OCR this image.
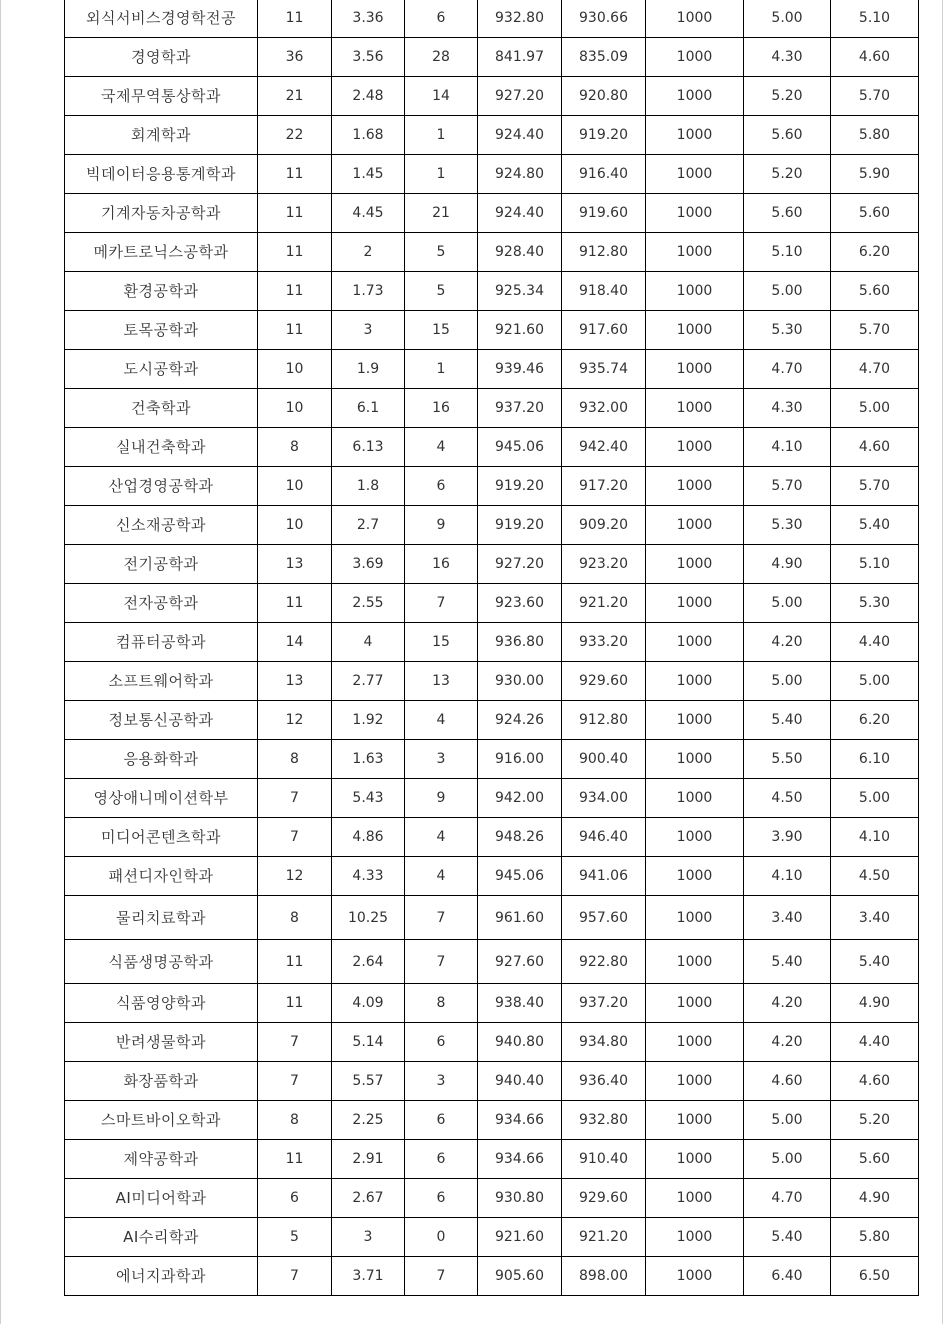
외식서비스경영학전공	11	3.36	6	932.80	930.66	1000	5.00	5.10
경영학과	36	3.56	28	841.97	835.09	1000	4.30	4.60
국제무역통상학과	21	2.48	14	927.20	920.80	1000	5.20	5.70
회계학과	22	1.68	1	924.40	919.20	1000	5.60	5.80
빅데이터응용통계학과	11	1.45	1	924.80	916.40	1000	5.20	5.90
기계자동차공학과	11	4.45	21	924.40	919.60	1000	5.60	5.60
메카트로닉스공학과	11	2	5	928.40	912.80	1000	5.10	6.20
환경공학과	11	1.73	5	925.34	918.40	1000	5.00	5.60
토목공학과	11	3	15	921.60	917.60	1000	5.30	5.70
도시공학과	10	1.9	1	939.46	935.74	1000	4.70	4.70
건축학과	10	6.1	16	937.20	932.00	1000	4.30	5.00
실내건축학과	8	6.13	4	945.06	942.40	1000	4.10	4.60
산업경영공학과	10	1.8	6	919.20	917.20	1000	5.70	5.70
신소재공학과	10	2.7	9	919.20	909.20	1000	5.30	5.40
전기공학과	13	3.69	16	927.20	923.20	1000	4.90	5.10
전자공학과	11	2.55	7	923.60	921.20	1000	5.00	5.30
컴퓨터공학과	14	4	15	936.80	933.20	1000	4.20	4.40
소프트웨어학과	13	2.77	13	930.00	929.60	1000	5.00	5.00
정보통신공학과	12	1.92	4	924.26	912.80	1000	5.40	6.20
응용화학과	8	1.63	3	916.00	900.40	1000	5.50	6.10
영상애니메이션학부	7	5.43	9	942.00	934.00	1000	4.50	5.00
미디어콘텐츠학과	7	4.86	4	948.26	946.40	1000	3.90	4.10
패션디자인학과	12	4.33	4	945.06	941.06	1000	4.10	4.50
물리치료학과	8	10.25	7	961.60	957.60	1000	3.40	3.40
식품생명공학과	11	2.64	7	927.60	922.80	1000	5.40	5.40
식품영양학과	11	4.09	8	938.40	937.20	1000	4.20	4.90
반려생물학과	7	5.14	6	940.80	934.80	1000	4.20	4.40
화장품학과	7	5.57	3	940.40	936.40	1000	4.60	4.60
스마트바이오학과	8	2.25	6	934.66	932.80	1000	5.00	5.20
제약공학과	11	2.91	6	934.66	910.40	1000	5.00	5.60
AI미디어학과	6	2.67	6	930.80	929.60	1000	4.70	4.90
AI수리학과	5	3	0	921.60	921.20	1000	5.40	5.80
에너지과학과	7	3.71	7	905.60	898.00	1000	6.40	6.50
